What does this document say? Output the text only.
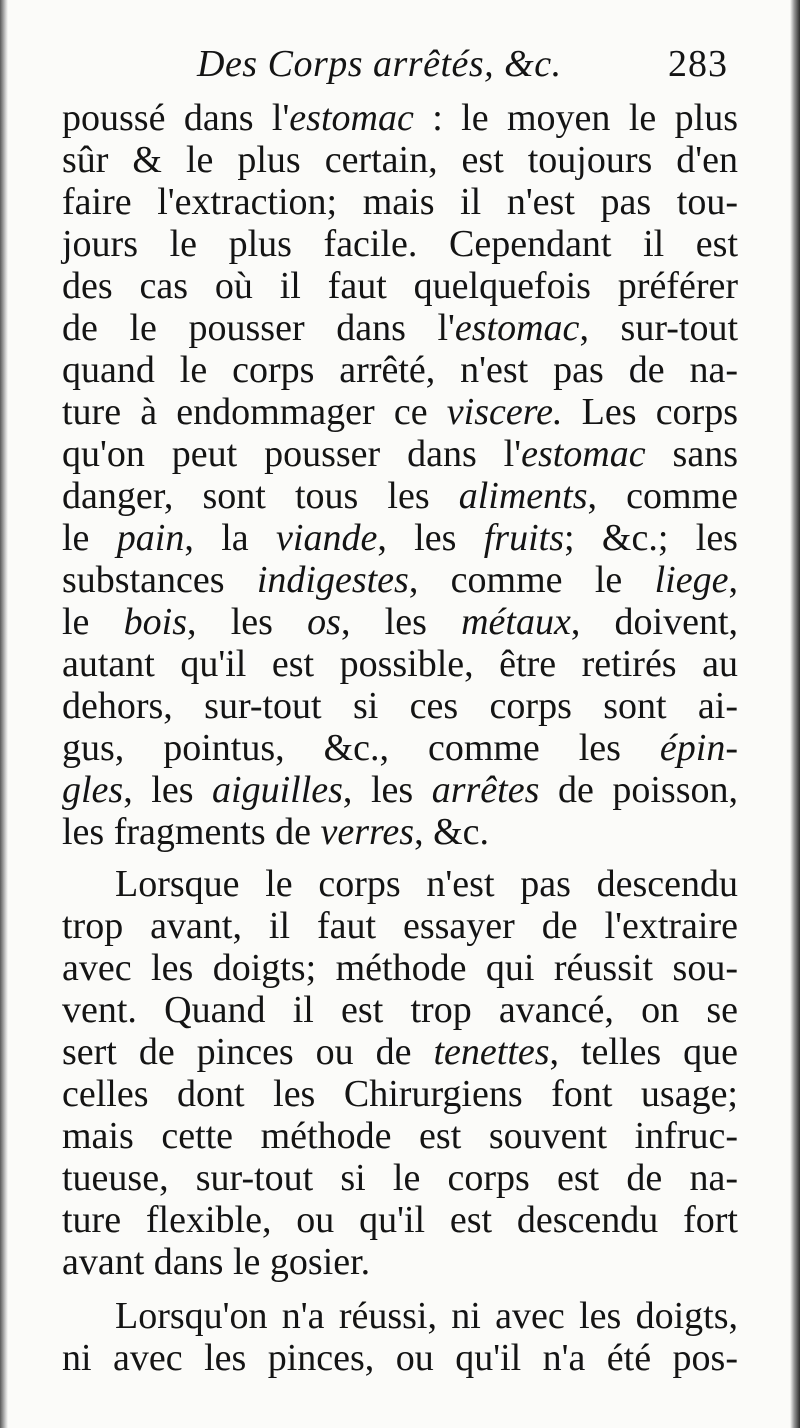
Des Corps arrêtés, &c.	283
poussé dans l'estomac : le moyen le plus
sûr & le plus certain, est toujours d'en
faire l'extraction; mais il n'est pas tou-
jours le plus facile. Cependant il est
des cas où il faut quelquefois préférer
de le pousser dans l'estomac, sur-tout
quand le corps arrêté, n'est pas de na-
ture à endommager ce viscere. Les corps
qu'on peut pousser dans l'estomac sans
danger, sont tous les aliments, comme
le pain, la viande, les fruits; &c.; les
substances indigestes, comme le liege,
le bois, les os, les métaux, doivent,
autant qu'il est possible, être retirés au
dehors, sur-tout si ces corps sont ai-
gus, pointus, &c., comme les épin-
gles, les aiguilles, les arrêtes de poisson,
les fragments de verres, &c.
Lorsque le corps n'est pas descendu
trop avant, il faut essayer de l'extraire
avec les doigts; méthode qui réussit sou-
vent. Quand il est trop avancé, on se
sert de pinces ou de tenettes, telles que
celles dont les Chirurgiens font usage;
mais cette méthode est souvent infruc-
tueuse, sur-tout si le corps est de na-
ture flexible, ou qu'il est descendu fort
avant dans le gosier.
Lorsqu'on n'a réussi, ni avec les doigts,
ni avec les pinces, ou qu'il n'a été pos-
